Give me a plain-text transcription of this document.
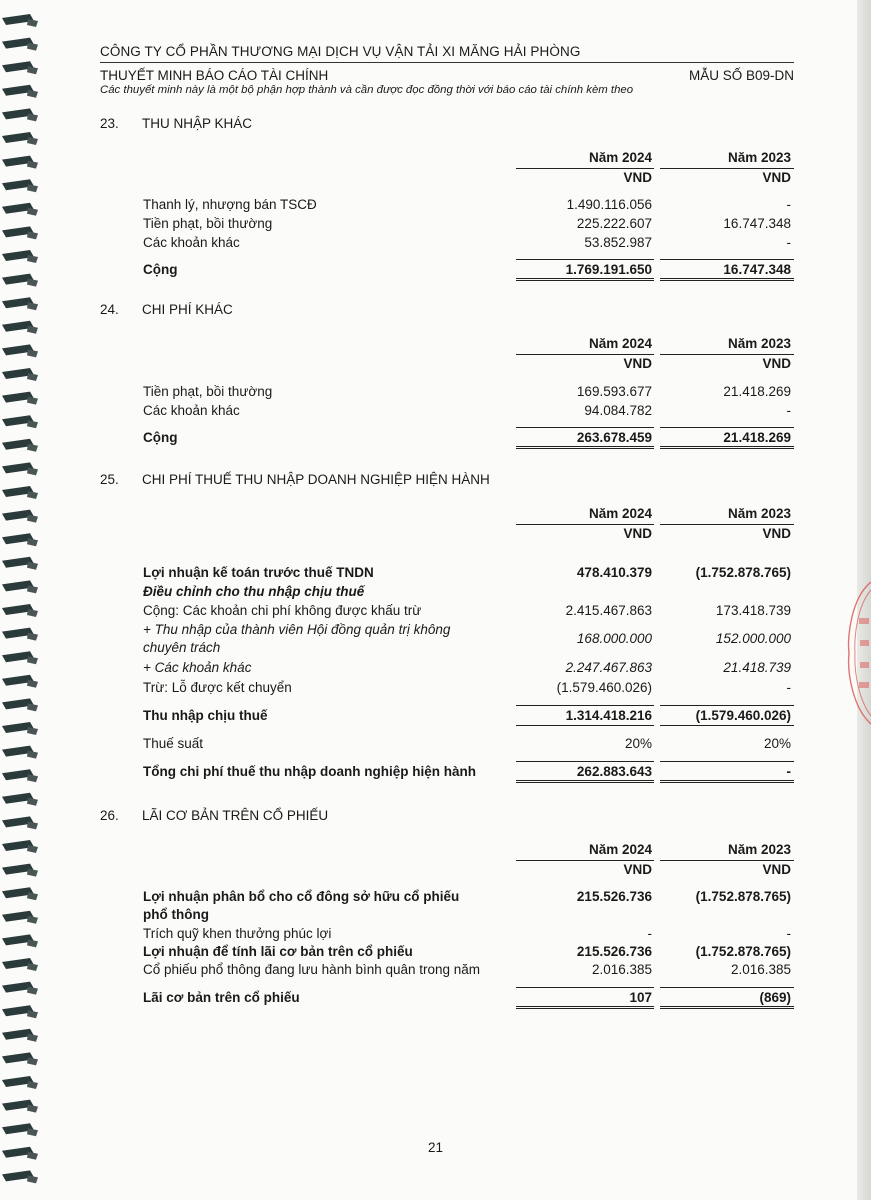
CÔNG TY CỔ PHẦN THƯƠNG MẠI DỊCH VỤ VẬN TẢI XI MĂNG HẢI PHÒNG
THUYẾT MINH BÁO CÁO TÀI CHÍNH	MẪU SỐ B09-DN
Các thuyết minh này là một bộ phận hợp thành và cần được đọc đồng thời với báo cáo tài chính kèm theo
23. THU NHẬP KHÁC
Năm 2024	Năm 2023
VND	VND
Thanh lý, nhượng bán TSCĐ	1.490.116.056	-
Tiền phạt, bồi thường	225.222.607	16.747.348
Các khoản khác	53.852.987	-
Cộng	1.769.191.650	16.747.348
24. CHI PHÍ KHÁC
Năm 2024	Năm 2023
VND	VND
Tiền phạt, bồi thường	169.593.677	21.418.269
Các khoản khác	94.084.782	-
Cộng	263.678.459	21.418.269
25. CHI PHÍ THUẾ THU NHẬP DOANH NGHIỆP HIỆN HÀNH
Năm 2024	Năm 2023
VND	VND
Lợi nhuận kế toán trước thuế TNDN	478.410.379	(1.752.878.765)
Điều chỉnh cho thu nhập chịu thuế
Cộng: Các khoản chi phí không được khấu trừ	2.415.467.863	173.418.739
+ Thu nhập của thành viên Hội đồng quản trị không
chuyên trách
168.000.000	152.000.000
+ Các khoản khác	2.247.467.863	21.418.739
Trừ: Lỗ được kết chuyển	(1.579.460.026)	-
Thu nhập chịu thuế	1.314.418.216	(1.579.460.026)
Thuế suất	20%	20%
Tổng chi phí thuế thu nhập doanh nghiệp hiện hành	262.883.643	-
26. LÃI CƠ BẢN TRÊN CỔ PHIẾU
Năm 2024	Năm 2023
VND	VND
Lợi nhuận phân bổ cho cổ đông sở hữu cổ phiếu
phổ thông
215.526.736	(1.752.878.765)
Trích quỹ khen thưởng phúc lợi	-	-
Lợi nhuận để tính lãi cơ bản trên cổ phiếu	215.526.736	(1.752.878.765)
Cổ phiếu phổ thông đang lưu hành bình quân trong năm	2.016.385	2.016.385
Lãi cơ bản trên cổ phiếu	107	(869)
21
